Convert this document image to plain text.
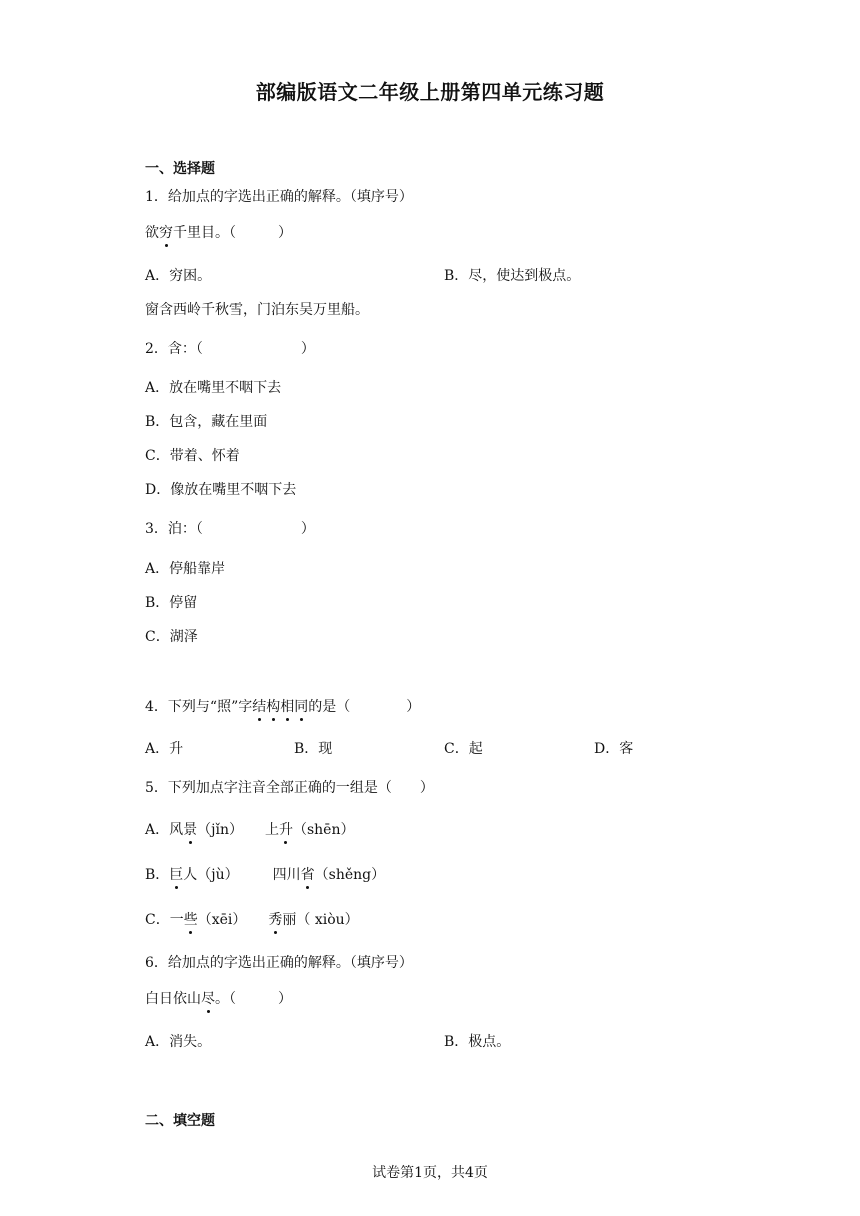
部编版语文二年级上册第四单元练习题
一、选择题
1．给加点的字选出正确的解释。（填序号）
欲穷千里目。（　　　）
A．穷困。	B．尽，使达到极点。
窗含西岭千秋雪，门泊东吴万里船。
2．含：（　　　　　　　）
A．放在嘴里不咽下去
B．包含，藏在里面
C．带着、怀着
D．像放在嘴里不咽下去
3．泊：（　　　　　　　）
A．停船靠岸
B．停留
C．湖泽
4．下列与“照”字结构相同的是（　　　　）
A．升	B．现	C．起	D．客
5．下列加点字注音全部正确的一组是（　　）
A．风景（jǐn） 上升（shēn）
B．巨人（jù） 四川省（shěng）
C．一些（xēi） 秀丽（ xiòu）
6．给加点的字选出正确的解释。（填序号）
白日依山尽。（　　　）
A．消失。	B．极点。
二、填空题
试卷第1页，共4页
